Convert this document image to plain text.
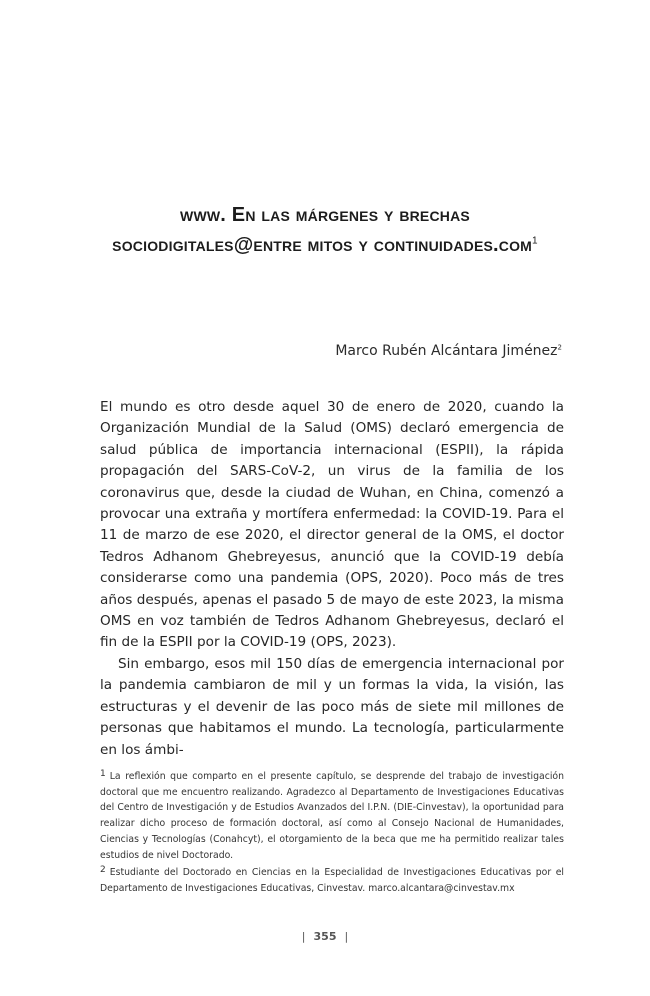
www. En las márgenes y brechas
sociodigitales@entre mitos y continuidades.com$^1$
Marco Rubén Alcántara Jiménez$^2$

El mundo es otro desde aquel 30 de enero de 2020, cuando la Organización Mundial de la Salud (OMS) declaró emergencia de salud pública de importancia internacional (ESPII), la rápida propagación del SARS-CoV-2, un virus de la familia de los coronavirus que, desde la ciudad de Wuhan, en China, comenzó a provocar una extraña y mortífera enfermedad: la COVID-19. Para el 11 de marzo de ese 2020, el director general de la OMS, el doctor Tedros Adhanom Ghebreyesus, anunció que la COVID-19 debía considerarse como una pandemia (OPS, 2020). Poco más de tres años después, apenas el pasado 5 de mayo de este 2023, la misma OMS en voz también de Tedros Adhanom Ghebreyesus, declaró el fin de la ESPII por la COVID-19 (OPS, 2023).

Sin embargo, esos mil 150 días de emergencia internacional por la pandemia cambiaron de mil y un formas la vida, la visión, las estructuras y el devenir de las poco más de siete mil millones de personas que habitamos el mundo. La tecnología, particularmente en los ámbi-

$^1$ La reflexión que comparto en el presente capítulo, se desprende del trabajo de investigación doctoral que me encuentro realizando. Agradezco al Departamento de Investigaciones Educativas del Centro de Investigación y de Estudios Avanzados del I.P.N. (DIE-Cinvestav), la oportunidad para realizar dicho proceso de formación doctoral, así como al Consejo Nacional de Humanidades, Ciencias y Tecnologías (Conahcyt), el otorgamiento de la beca que me ha permitido realizar tales estudios de nivel Doctorado.

$^2$ Estudiante del Doctorado en Ciencias en la Especialidad de Investigaciones Educativas por el Departamento de Investigaciones Educativas, Cinvestav. marco.alcantara@cinvestav.mx

| 355 |
